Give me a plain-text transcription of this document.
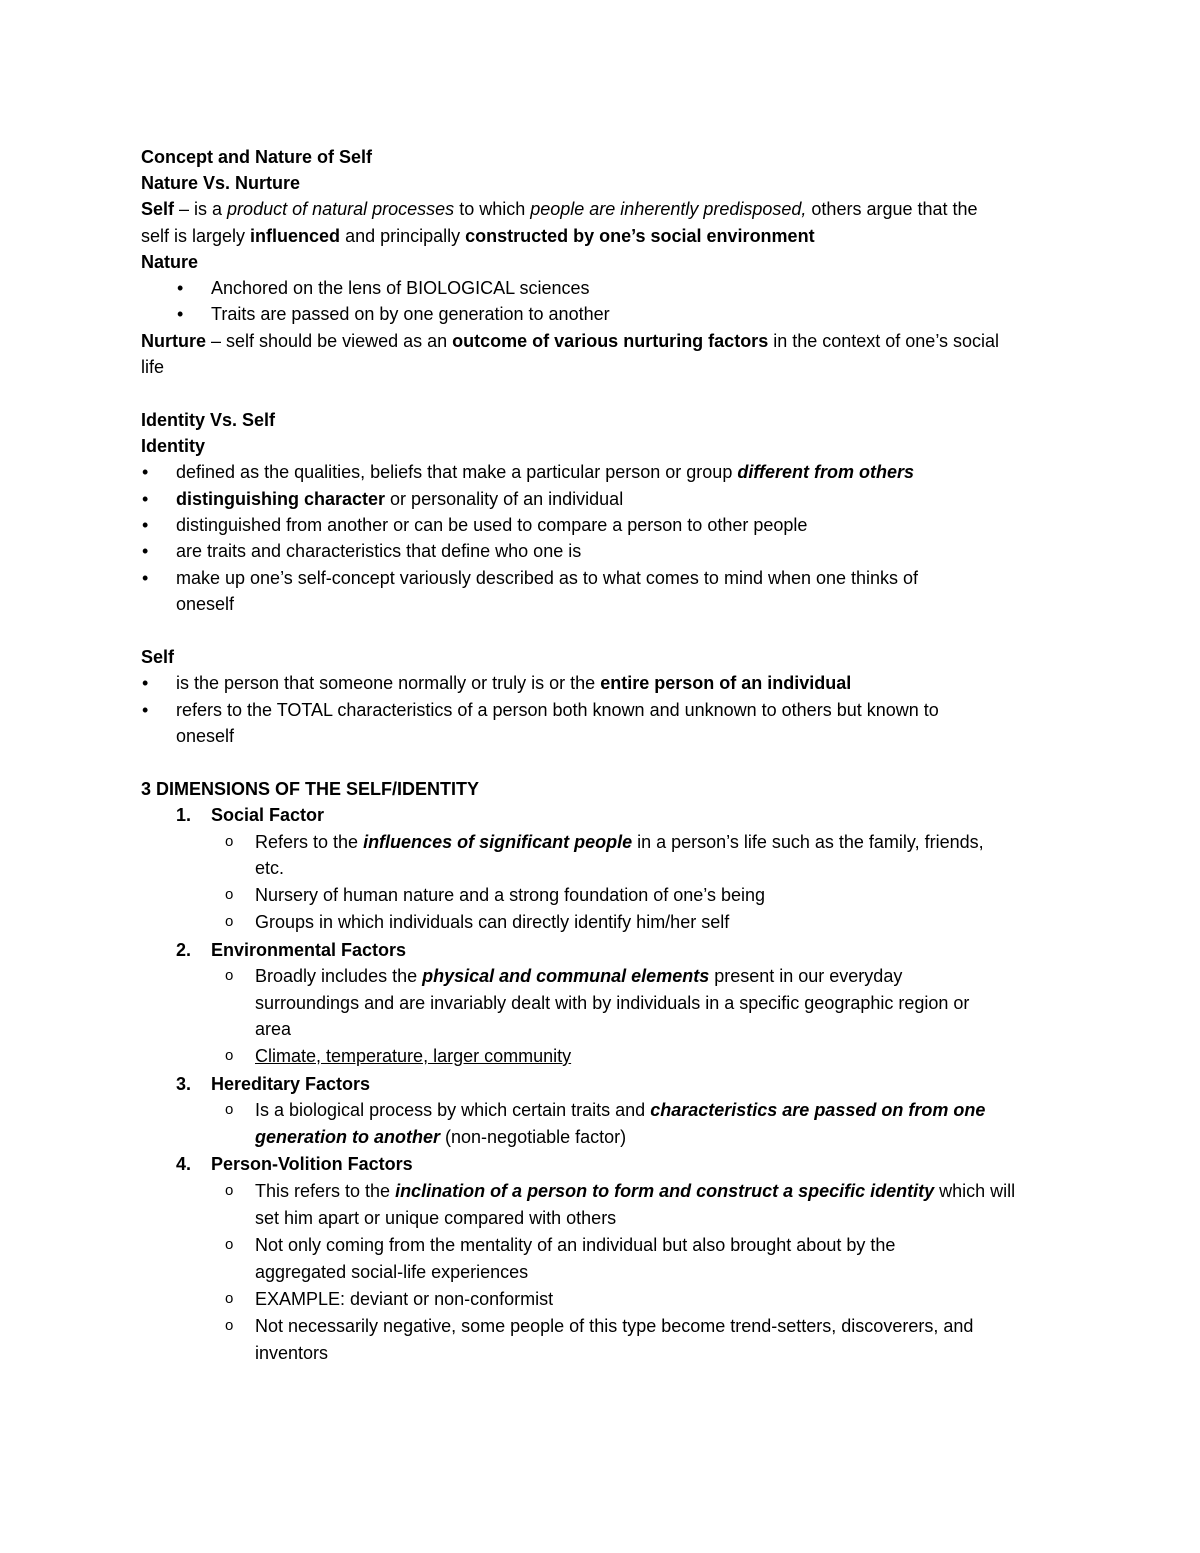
Concept and Nature of Self
Nature Vs. Nurture
Self – is a product of natural processes to which people are inherently predisposed, others argue that the
self is largely influenced and principally constructed by one’s social environment
Nature
• Anchored on the lens of BIOLOGICAL sciences
• Traits are passed on by one generation to another
Nurture – self should be viewed as an outcome of various nurturing factors in the context of one’s social
life
Identity Vs. Self
Identity
• defined as the qualities, beliefs that make a particular person or group different from others
• distinguishing character or personality of an individual
• distinguished from another or can be used to compare a person to other people
• are traits and characteristics that define who one is
• make up one’s self-concept variously described as to what comes to mind when one thinks of
oneself
Self
• is the person that someone normally or truly is or the entire person of an individual
• refers to the TOTAL characteristics of a person both known and unknown to others but known to
oneself
3 DIMENSIONS OF THE SELF/IDENTITY
1. Social Factor
o Refers to the influences of significant people in a person’s life such as the family, friends,
etc.
o Nursery of human nature and a strong foundation of one’s being
o Groups in which individuals can directly identify him/her self
2. Environmental Factors
o Broadly includes the physical and communal elements present in our everyday
surroundings and are invariably dealt with by individuals in a specific geographic region or
area
o Climate, temperature, larger community
3. Hereditary Factors
o Is a biological process by which certain traits and characteristics are passed on from one
generation to another (non-negotiable factor)
4. Person-Volition Factors
o This refers to the inclination of a person to form and construct a specific identity which will
set him apart or unique compared with others
o Not only coming from the mentality of an individual but also brought about by the
aggregated social-life experiences
o EXAMPLE: deviant or non-conformist
o Not necessarily negative, some people of this type become trend-setters, discoverers, and
inventors
